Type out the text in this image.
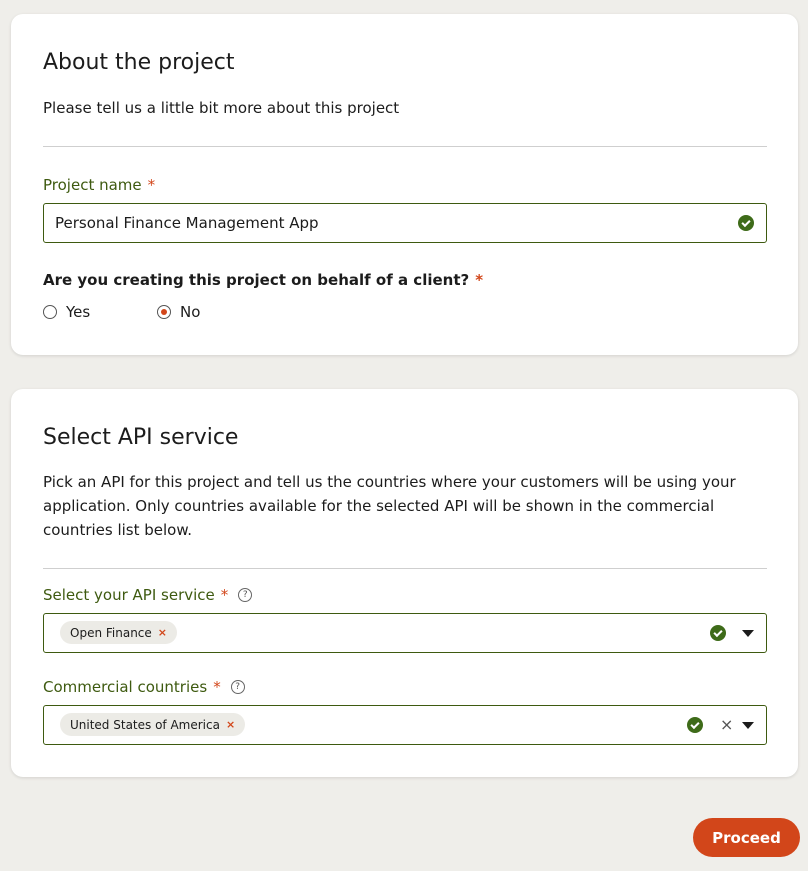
About the project

Please tell us a little bit more about this project

Project name *
Personal Finance Management App
Are you creating this project on behalf of a client? *
Yes	No
Select API service

Pick an API for this project and tell us the countries where your customers will be using your application. Only countries available for the selected API will be shown in the commercial countries list below.

Select your API service *	?
Open Finance ×
Commercial countries *	?
United States of America ×	×
Proceed
